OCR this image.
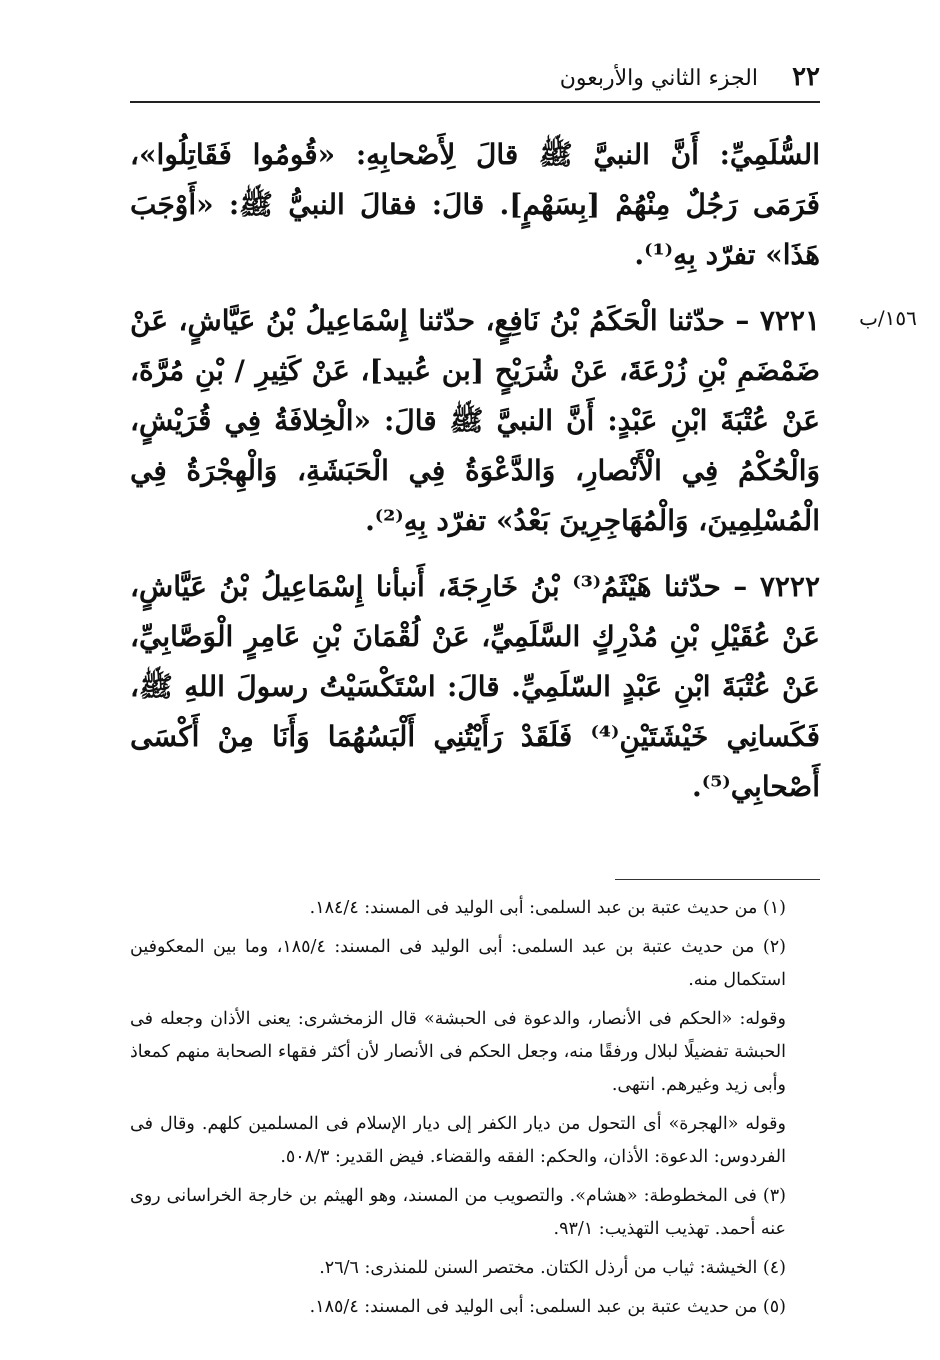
٢٢
الجزء الثاني والأربعون
١٥٦/ب

السُّلَمِيِّ: أَنَّ النبيَّ ﷺ قالَ لِأَصْحابِهِ: «قُومُوا فَقَاتِلُوا»، فَرَمَى رَجُلٌ مِنْهُمْ [بِسَهْمٍ]. قالَ: فقالَ النبيُّ ﷺ: «أَوْجَبَ هَذَا» تفرّد بِهِ⁽¹⁾.

٧٢٢١ – حدّثنا الْحَكَمُ بْنُ نَافِعٍ، حدّثنا إِسْمَاعِيلُ بْنُ عَيَّاشٍ، عَنْ ضَمْضَمِ بْنِ زُرْعَةَ، عَنْ شُرَيْحٍ [بن عُبيد]، عَنْ كَثِيرِ / بْنِ مُرَّةَ، عَنْ عُتْبَةَ ابْنِ عَبْدٍ: أَنَّ النبيَّ ﷺ قالَ: «الْخِلافَةُ فِي قُرَيْشٍ، وَالْحُكْمُ فِي الْأَنْصارِ، وَالدَّعْوَةُ فِي الْحَبَشَةِ، وَالْهِجْرَةُ فِي الْمُسْلِمِينَ، وَالْمُهَاجِرِينَ بَعْدُ» تفرّد بِهِ⁽²⁾.

٧٢٢٢ – حدّثنا هَيْثَمُ⁽³⁾ بْنُ خَارِجَةَ، أَنبأنا إِسْمَاعِيلُ بْنُ عَيَّاشٍ، عَنْ عُقَيْلِ بْنِ مُدْرِكٍ السَّلَمِيِّ، عَنْ لُقْمَانَ بْنِ عَامِرٍ الْوَصَّابِيِّ، عَنْ عُتْبَةَ ابْنِ عَبْدٍ السّلَمِيِّ. قالَ: اسْتَكْسَيْتُ رسولَ اللهِ ﷺ، فَكَسانِي خَيْشَتَيْنِ⁽⁴⁾ فَلَقَدْ رَأَيْتُنِي أَلْبَسُهُمَا وَأَنَا مِنْ أَكْسَى أَصْحابِي⁽⁵⁾.

(١) من حديث عتبة بن عبد السلمى: أبى الوليد فى المسند: ١٨٤/٤.

(٢) من حديث عتبة بن عبد السلمى: أبى الوليد فى المسند: ١٨٥/٤، وما بين المعكوفين استكمال منه.

وقوله: «الحكم فى الأنصار، والدعوة فى الحبشة» قال الزمخشرى: يعنى الأذان وجعله فى الحبشة تفضيلًا لبلال ورفقًا منه، وجعل الحكم فى الأنصار لأن أكثر فقهاء الصحابة منهم كمعاذ وأبى زيد وغيرهم. انتهى.

وقوله «الهجرة» أى التحول من ديار الكفر إلى ديار الإسلام فى المسلمين كلهم. وقال فى الفردوس: الدعوة: الأذان، والحكم: الفقه والقضاء. فيض القدير: ٥٠٨/٣.

(٣) فى المخطوطة: «هشام». والتصويب من المسند، وهو الهيثم بن خارجة الخراسانى روى عنه أحمد. تهذيب التهذيب: ٩٣/١.

(٤) الخيشة: ثياب من أرذل الكتان. مختصر السنن للمنذرى: ٢٦/٦.

(٥) من حديث عتبة بن عبد السلمى: أبى الوليد فى المسند: ١٨٥/٤.
